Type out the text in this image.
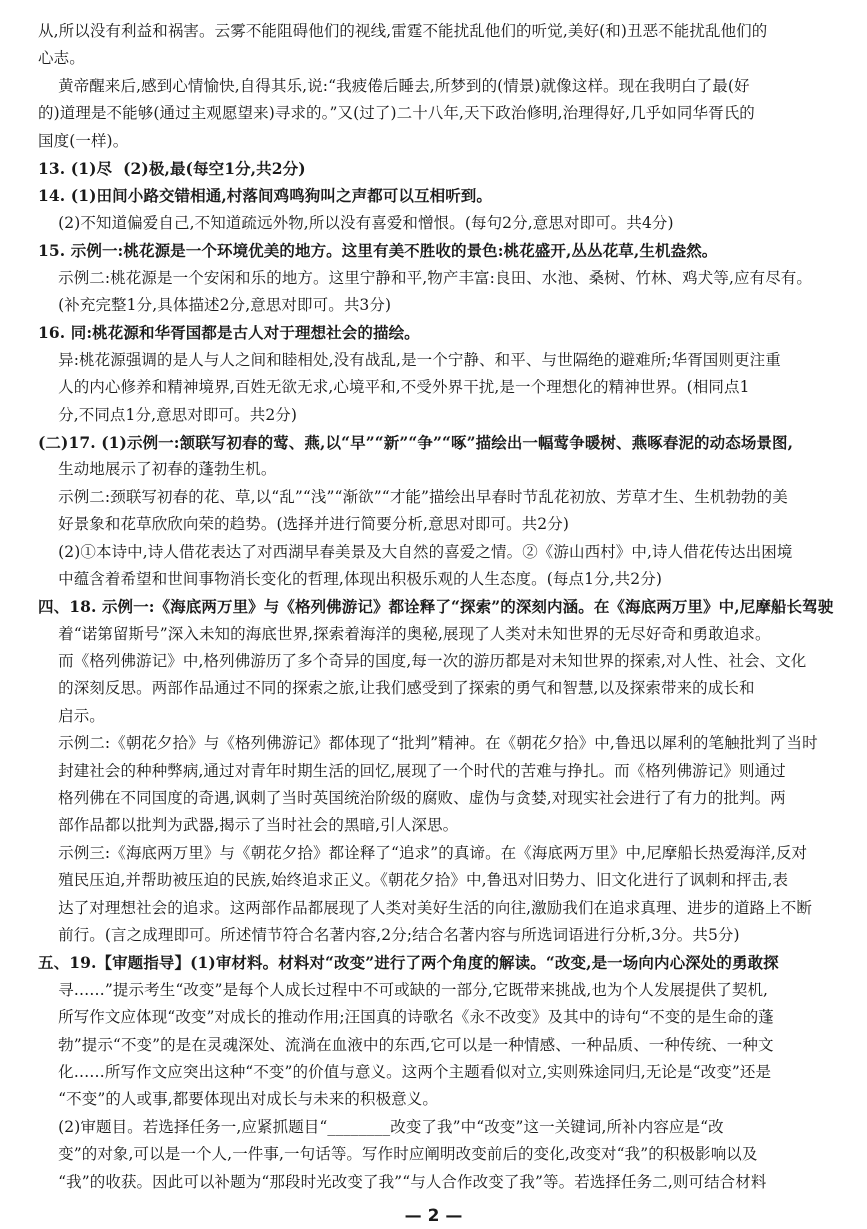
从,所以没有利益和祸害。云雾不能阻碍他们的视线,雷霆不能扰乱他们的听觉,美好(和)丑恶不能扰乱他们的
心志。
黄帝醒来后,感到心情愉快,自得其乐,说:“我疲倦后睡去,所梦到的(情景)就像这样。现在我明白了最(好
的)道理是不能够(通过主观愿望来)寻求的。”又(过了)二十八年,天下政治修明,治理得好,几乎如同华胥氏的
国度(一样)。
13. (1)尽  (2)极,最(每空1分,共2分)
14. (1)田间小路交错相通,村落间鸡鸣狗叫之声都可以互相听到。
(2)不知道偏爱自己,不知道疏远外物,所以没有喜爱和憎恨。(每句2分,意思对即可。共4分)
15. 示例一:桃花源是一个环境优美的地方。这里有美不胜收的景色:桃花盛开,丛丛花草,生机盎然。
示例二:桃花源是一个安闲和乐的地方。这里宁静和平,物产丰富:良田、水池、桑树、竹林、鸡犬等,应有尽有。
(补充完整1分,具体描述2分,意思对即可。共3分)
16. 同:桃花源和华胥国都是古人对于理想社会的描绘。
异:桃花源强调的是人与人之间和睦相处,没有战乱,是一个宁静、和平、与世隔绝的避难所;华胥国则更注重
人的内心修养和精神境界,百姓无欲无求,心境平和,不受外界干扰,是一个理想化的精神世界。(相同点1
分,不同点1分,意思对即可。共2分)
(二)17. (1)示例一:颔联写初春的莺、燕,以“早”“新”“争”“啄”描绘出一幅莺争暖树、燕啄春泥的动态场景图,
生动地展示了初春的蓬勃生机。
示例二:颈联写初春的花、草,以“乱”“浅”“渐欲”“才能”描绘出早春时节乱花初放、芳草才生、生机勃勃的美
好景象和花草欣欣向荣的趋势。(选择并进行简要分析,意思对即可。共2分)
(2)①本诗中,诗人借花表达了对西湖早春美景及大自然的喜爱之情。②《游山西村》中,诗人借花传达出困境
中蕴含着希望和世间事物消长变化的哲理,体现出积极乐观的人生态度。(每点1分,共2分)
四、18. 示例一:《海底两万里》与《格列佛游记》都诠释了“探索”的深刻内涵。在《海底两万里》中,尼摩船长驾驶
着“诺第留斯号”深入未知的海底世界,探索着海洋的奥秘,展现了人类对未知世界的无尽好奇和勇敢追求。
而《格列佛游记》中,格列佛游历了多个奇异的国度,每一次的游历都是对未知世界的探索,对人性、社会、文化
的深刻反思。两部作品通过不同的探索之旅,让我们感受到了探索的勇气和智慧,以及探索带来的成长和
启示。
示例二:《朝花夕拾》与《格列佛游记》都体现了“批判”精神。在《朝花夕拾》中,鲁迅以犀利的笔触批判了当时
封建社会的种种弊病,通过对青年时期生活的回忆,展现了一个时代的苦难与挣扎。而《格列佛游记》则通过
格列佛在不同国度的奇遇,讽刺了当时英国统治阶级的腐败、虚伪与贪婪,对现实社会进行了有力的批判。两
部作品都以批判为武器,揭示了当时社会的黑暗,引人深思。
示例三:《海底两万里》与《朝花夕拾》都诠释了“追求”的真谛。在《海底两万里》中,尼摩船长热爱海洋,反对
殖民压迫,并帮助被压迫的民族,始终追求正义。《朝花夕拾》中,鲁迅对旧势力、旧文化进行了讽刺和抨击,表
达了对理想社会的追求。这两部作品都展现了人类对美好生活的向往,激励我们在追求真理、进步的道路上不断
前行。(言之成理即可。所述情节符合名著内容,2分;结合名著内容与所选词语进行分析,3分。共5分)
五、19.【审题指导】(1)审材料。材料对“改变”进行了两个角度的解读。“改变,是一场向内心深处的勇敢探
寻……”提示考生“改变”是每个人成长过程中不可或缺的一部分,它既带来挑战,也为个人发展提供了契机,
所写作文应体现“改变”对成长的推动作用;汪国真的诗歌名《永不改变》及其中的诗句“不变的是生命的蓬
勃”提示“不变”的是在灵魂深处、流淌在血液中的东西,它可以是一种情感、一种品质、一种传统、一种文
化……所写作文应突出这种“不变”的价值与意义。这两个主题看似对立,实则殊途同归,无论是“改变”还是
“不变”的人或事,都要体现出对成长与未来的积极意义。
(2)审题目。若选择任务一,应紧抓题目“________改变了我”中“改变”这一关键词,所补内容应是“改
变”的对象,可以是一个人,一件事,一句话等。写作时应阐明改变前后的变化,改变对“我”的积极影响以及
“我”的收获。因此可以补题为“那段时光改变了我”“与人合作改变了我”等。若选择任务二,则可结合材料
— 2 —
